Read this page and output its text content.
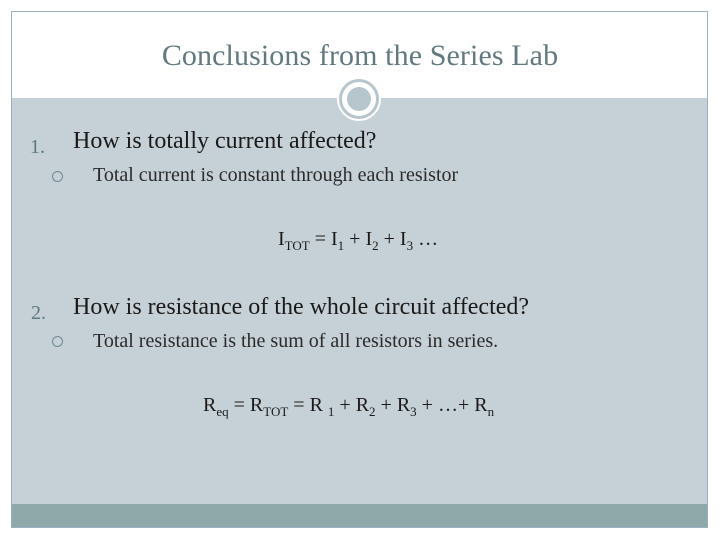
Conclusions from the Series Lab
1. How is totally current affected?
Total current is constant through each resistor
$I_{TOT} = I_1 + I_2 + I_3$ …
2. How is resistance of the whole circuit affected?
Total resistance is the sum of all resistors in series.
$R_{eq} = R_{TOT} = R$ $_1 + R_2 + R_3$ + …+ $R_n$
